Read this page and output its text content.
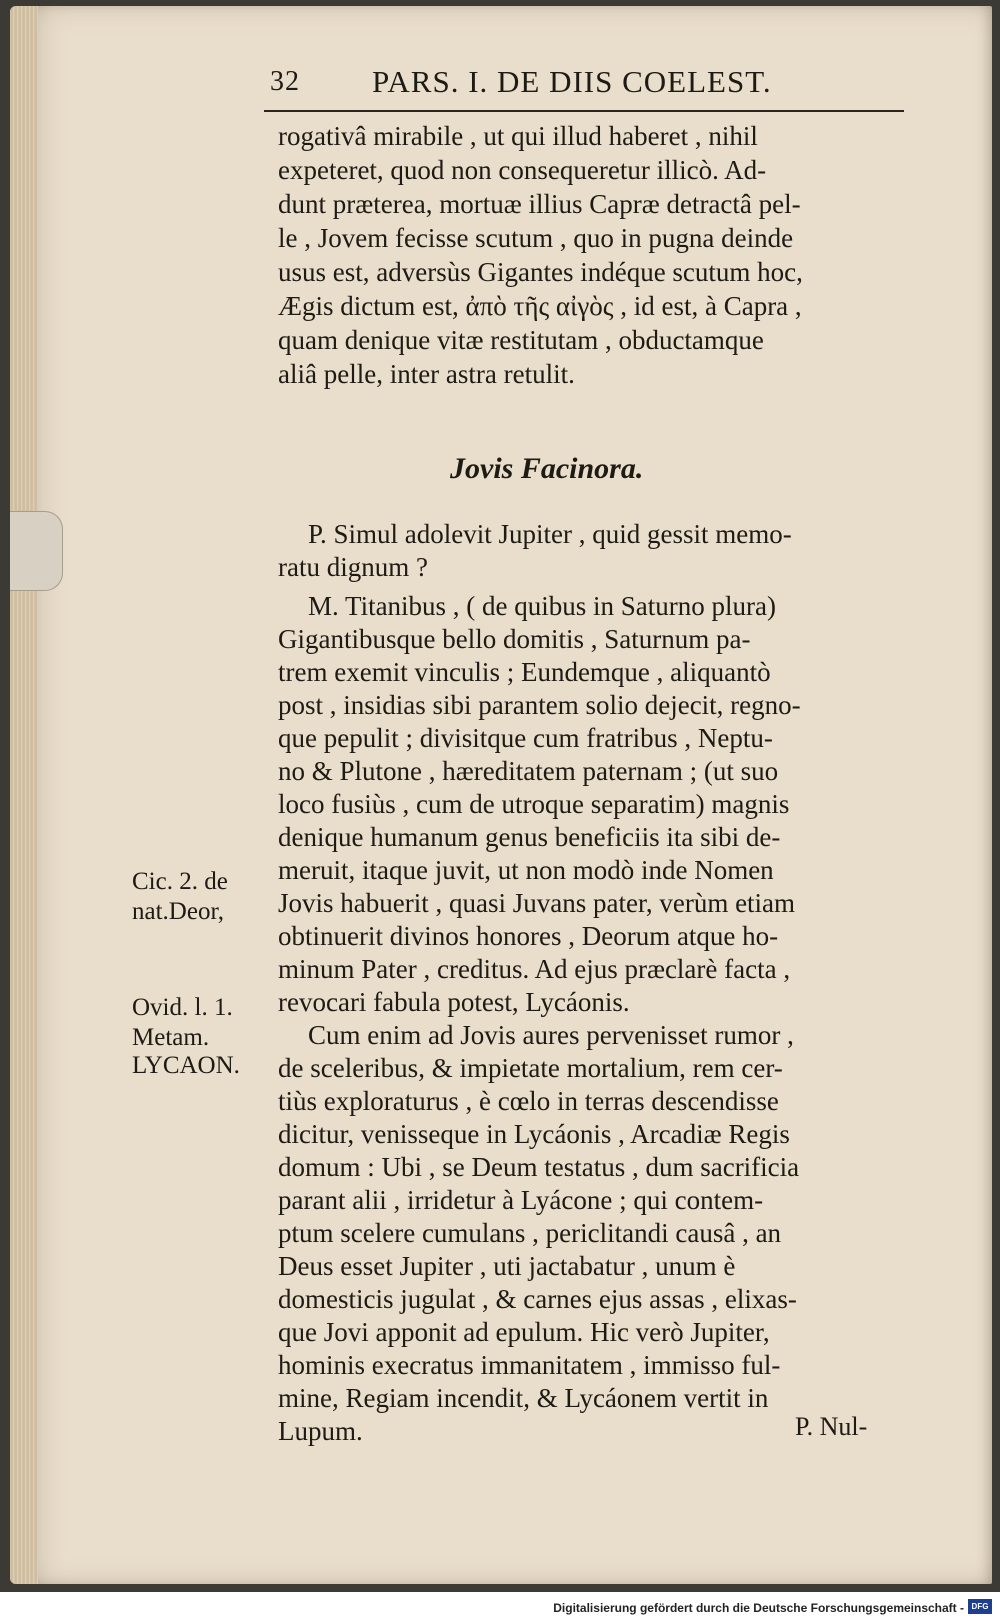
32 PARS. I. DE DIIS COELEST.
rogativâ mirabile , ut qui illud haberet , nihil
expeteret, quod non consequeretur illicò. Ad-
dunt præterea, mortuæ illius Capræ detractâ pel-
le , Jovem fecisse scutum , quo in pugna deinde
usus est, adversùs Gigantes indéque scutum hoc,
Ægis dictum est, ἀπὸ τῆς αἰγὸς , id est, à Capra ,
quam denique vitæ restitutam , obductamque
aliâ pelle, inter astra retulit.
Jovis Facinora.
P. Simul adolevit Jupiter , quid gessit memo-
ratu dignum ?
M. Titanibus , ( de quibus in Saturno plura)
Gigantibusque bello domitis , Saturnum pa-
trem exemit vinculis ; Eundemque , aliquantò
post , insidias sibi parantem solio dejecit, regno-
que pepulit ; divisitque cum fratribus , Neptu-
no & Plutone , hæreditatem paternam ; (ut suo
loco fusiùs , cum de utroque separatim) magnis
denique humanum genus beneficiis ita sibi de-
meruit, itaque juvit, ut non modò inde Nomen
Jovis habuerit , quasi Juvans pater, verùm etiam
obtinuerit divinos honores , Deorum atque ho-
minum Pater , creditus. Ad ejus præclarè facta ,
revocari fabula potest, Lycáonis.
Cum enim ad Jovis aures pervenisset rumor ,
de sceleribus, & impietate mortalium, rem cer-
tiùs exploraturus , è cœlo in terras descendisse
dicitur, venisseque in Lycáonis , Arcadiæ Regis
domum : Ubi , se Deum testatus , dum sacrificia
parant alii , irridetur à Lyácone ; qui contem-
ptum scelere cumulans , periclitandi causâ , an
Deus esset Jupiter , uti jactabatur , unum è
domesticis jugulat , & carnes ejus assas , elixas-
que Jovi apponit ad epulum. Hic verò Jupiter,
hominis execratus immanitatem , immisso ful-
mine, Regiam incendit, & Lycáonem vertit in
Lupum.
Cic. 2. de
nat.Deor,
Ovid. l. 1.
Metam.
LYCAON.
P. Nul-
Digitalisierung gefördert durch die Deutsche Forschungsgemeinschaft - DFG
